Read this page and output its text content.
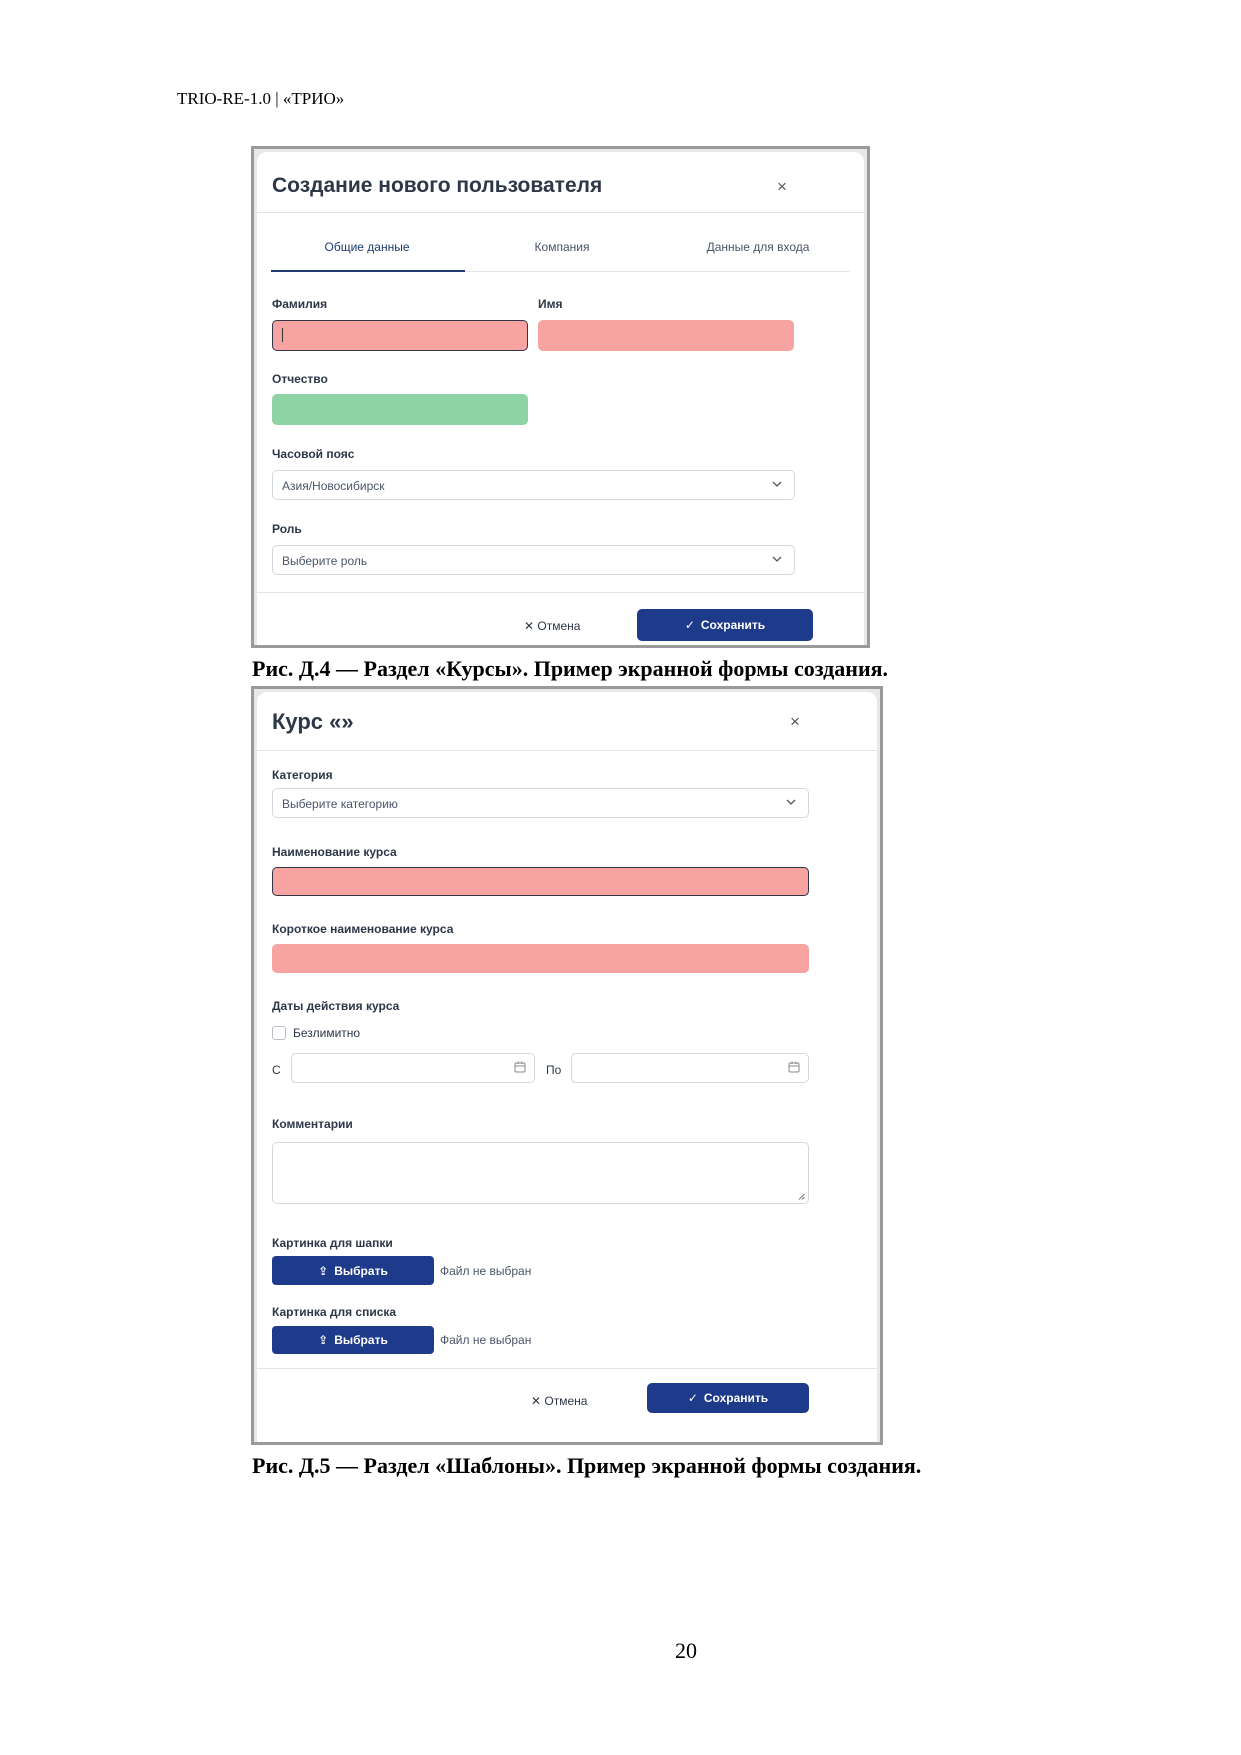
TRIO-RE-1.0 | «ТРИО»
Создание нового пользователя	×
Общие данные	Компания	Данные для входа
Фамилия	Имя
Отчество
Часовой пояс
Азия/Новосибирск
Роль
Выберите роль
✕ Отмена	✓ Сохранить
Рис. Д.4 — Раздел «Курсы». Пример экранной формы создания.
Курс «»	×
Категория
Выберите категорию
Наименование курса
Короткое наименование курса
Даты действия курса
Безлимитно
С	По
Комментарии
Картинка для шапки
⇪ Выбрать	Файл не выбран
Картинка для списка
⇪ Выбрать	Файл не выбран
✕ Отмена	✓ Сохранить
Рис. Д.5 — Раздел «Шаблоны». Пример экранной формы создания.
20
